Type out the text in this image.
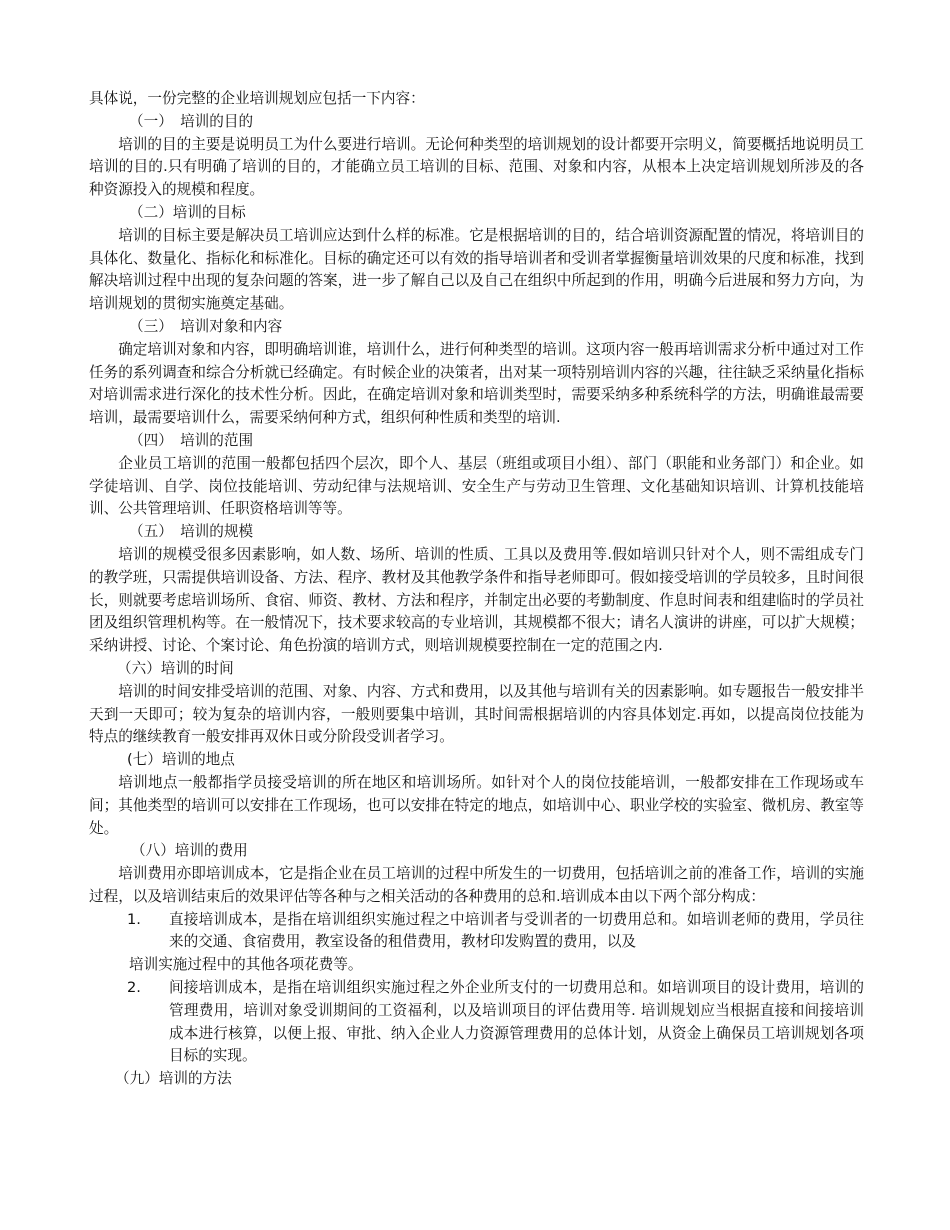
具体说，一份完整的企业培训规划应包括一下内容：

（一）　培训的目的

培训的目的主要是说明员工为什么要进行培训。无论何种类型的培训规划的设计都要开宗明义，简要概括地说明员工培训的目的.只有明确了培训的目的，才能确立员工培训的目标、范围、对象和内容，从根本上决定培训规划所涉及的各种资源投入的规模和程度。

（二）培训的目标

培训的目标主要是解决员工培训应达到什么样的标准。它是根据培训的目的，结合培训资源配置的情况，将培训目的具体化、数量化、指标化和标准化。目标的确定还可以有效的指导培训者和受训者掌握衡量培训效果的尺度和标准，找到解决培训过程中出现的复杂问题的答案，进一步了解自己以及自己在组织中所起到的作用，明确今后进展和努力方向，为培训规划的贯彻实施奠定基础。

（三）　培训对象和内容

确定培训对象和内容，即明确培训谁，培训什么，进行何种类型的培训。这项内容一般再培训需求分析中通过对工作任务的系列调查和综合分析就已经确定。有时候企业的决策者，出对某一项特别培训内容的兴趣，往往缺乏采纳量化指标对培训需求进行深化的技术性分析。因此，在确定培训对象和培训类型时，需要采纳多种系统科学的方法，明确谁最需要培训，最需要培训什么，需要采纳何种方式，组织何种性质和类型的培训.

（四）　培训的范围

企业员工培训的范围一般都包括四个层次，即个人、基层（班组或项目小组）、部门（职能和业务部门）和企业。如学徒培训、自学、岗位技能培训、劳动纪律与法规培训、安全生产与劳动卫生管理、文化基础知识培训、计算机技能培训、公共管理培训、任职资格培训等等。

（五）　培训的规模

培训的规模受很多因素影响，如人数、场所、培训的性质、工具以及费用等.假如培训只针对个人，则不需组成专门的教学班，只需提供培训设备、方法、程序、教材及其他教学条件和指导老师即可。假如接受培训的学员较多，且时间很长，则就要考虑培训场所、食宿、师资、教材、方法和程序，并制定出必要的考勤制度、作息时间表和组建临时的学员社团及组织管理机构等。在一般情况下，技术要求较高的专业培训，其规模都不很大；请名人演讲的讲座，可以扩大规模；采纳讲授、讨论、个案讨论、角色扮演的培训方式，则培训规模要控制在一定的范围之内.

（六）培训的时间

培训的时间安排受培训的范围、对象、内容、方式和费用，以及其他与培训有关的因素影响。如专题报告一般安排半天到一天即可；较为复杂的培训内容，一般则要集中培训，其时间需根据培训的内容具体划定.再如，以提高岗位技能为特点的继续教育一般安排再双休日或分阶段受训者学习。

(七）培训的地点

培训地点一般都指学员接受培训的所在地区和培训场所。如针对个人的岗位技能培训，一般都安排在工作现场或车间；其他类型的培训可以安排在工作现场，也可以安排在特定的地点，如培训中心、职业学校的实验室、微机房、教室等处。

（八）培训的费用

培训费用亦即培训成本，它是指企业在员工培训的过程中所发生的一切费用，包括培训之前的准备工作，培训的实施过程，以及培训结束后的效果评估等各种与之相关活动的各种费用的总和.培训成本由以下两个部分构成：

1.	直接培训成本，是指在培训组织实施过程之中培训者与受训者的一切费用总和。如培训老师的费用，学员往来的交通、食宿费用，教室设备的租借费用，教材印发购置的费用，以及

培训实施过程中的其他各项花费等。

2.	间接培训成本，是指在培训组织实施过程之外企业所支付的一切费用总和。如培训项目的设计费用，培训的管理费用，培训对象受训期间的工资福利，以及培训项目的评估费用等. 培训规划应当根据直接和间接培训成本进行核算，以便上报、审批、纳入企业人力资源管理费用的总体计划，从资金上确保员工培训规划各项目标的实现。

（九）培训的方法
